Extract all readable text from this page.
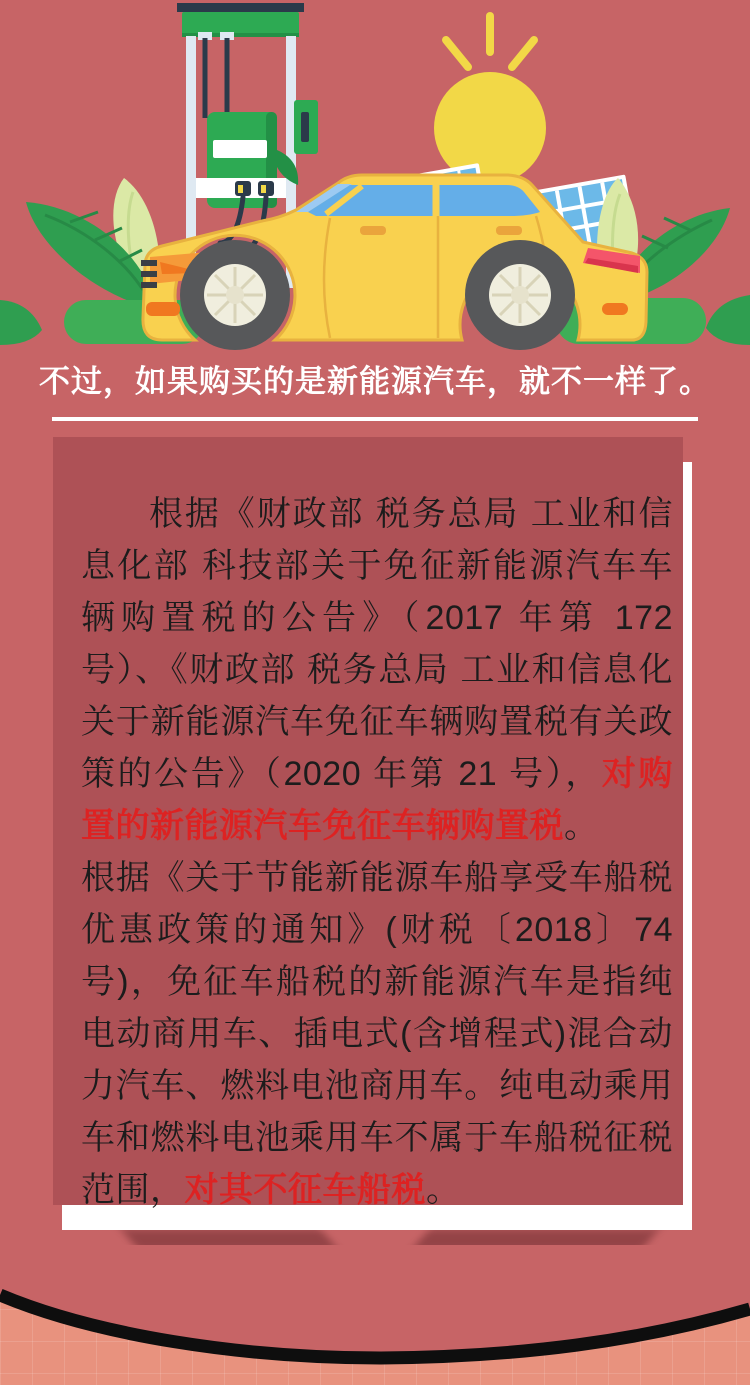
不过，如果购买的是新能源汽车，就不一样了。

根据《财政部 税务总局 工业和信息化部 科技部关于免征新能源汽车车辆购置税的公告》（2017 年第 172 号）、《财政部 税务总局 工业和信息化关于新能源汽车免征车辆购置税有关政策的公告》（2020 年第 21 号），对购置的新能源汽车免征车辆购置税。

根据《关于节能新能源车船享受车船税优惠政策的通知》(财税〔2018〕74 号)，免征车船税的新能源汽车是指纯电动商用车、插电式(含增程式)混合动力汽车、燃料电池商用车。纯电动乘用车和燃料电池乘用车不属于车船税征税范围，对其不征车船税。
